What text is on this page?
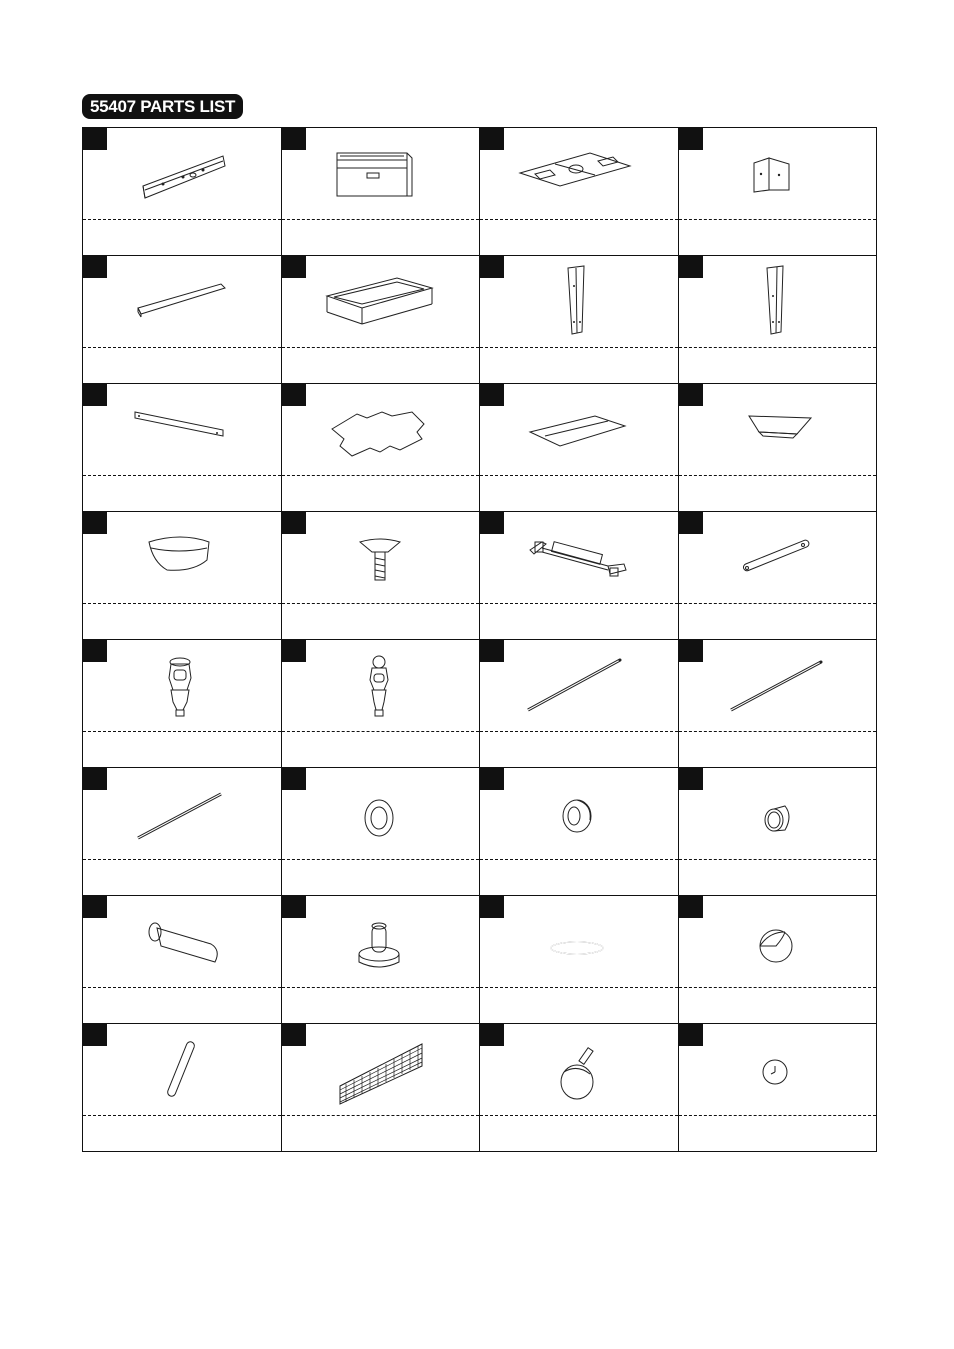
55407 PARTS LIST
